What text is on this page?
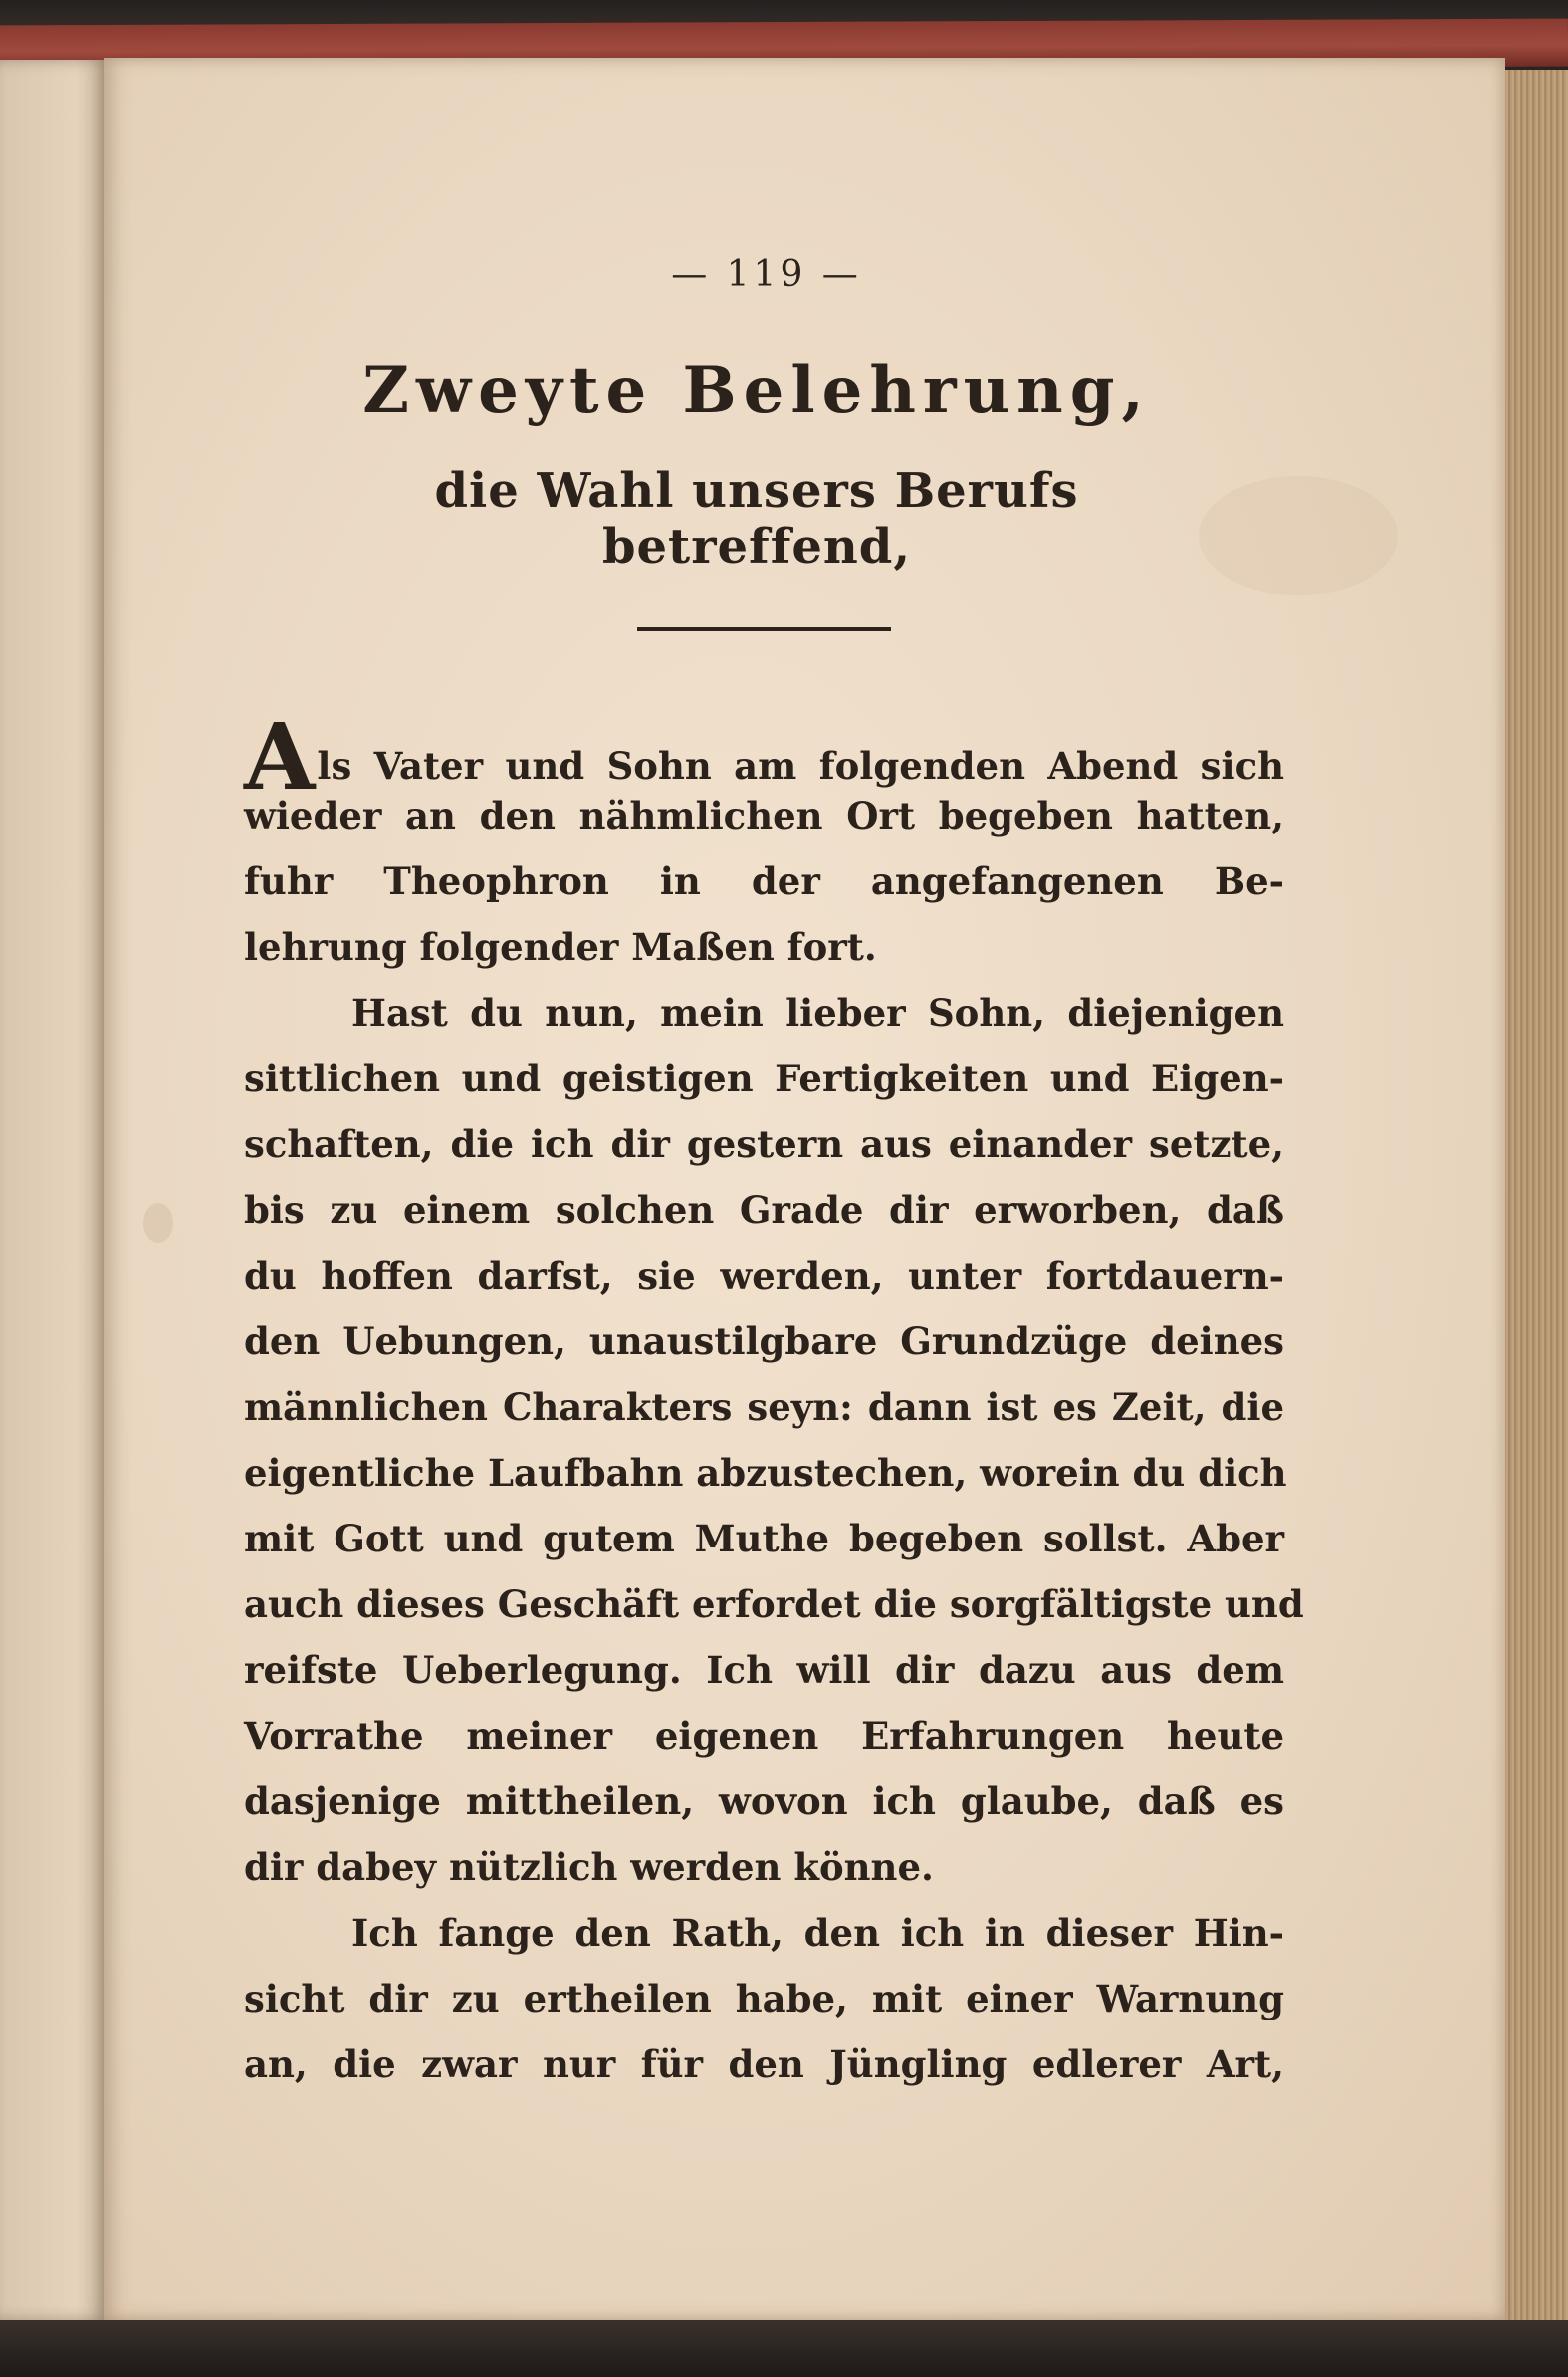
— 119 —
Zweyte Belehrung,
die Wahl unsers Berufs betreffend,
Als Vater und Sohn am folgenden Abend sich
wieder an den nähmlichen Ort begeben hatten,
fuhr Theophron in der angefangenen Be-
lehrung folgender Maßen fort.
Hast du nun, mein lieber Sohn, diejenigen
sittlichen und geistigen Fertigkeiten und Eigen-
schaften, die ich dir gestern aus einander setzte,
bis zu einem solchen Grade dir erworben, daß
du hoffen darfst, sie werden, unter fortdauern-
den Uebungen, unaustilgbare Grundzüge deines
männlichen Charakters seyn: dann ist es Zeit, die
eigentliche Laufbahn abzustechen, worein du dich
mit Gott und gutem Muthe begeben sollst. Aber
auch dieses Geschäft erfordet die sorgfältigste und
reifste Ueberlegung. Ich will dir dazu aus dem
Vorrathe meiner eigenen Erfahrungen heute
dasjenige mittheilen, wovon ich glaube, daß es
dir dabey nützlich werden könne.
Ich fange den Rath, den ich in dieser Hin-
sicht dir zu ertheilen habe, mit einer Warnung
an, die zwar nur für den Jüngling edlerer Art,
